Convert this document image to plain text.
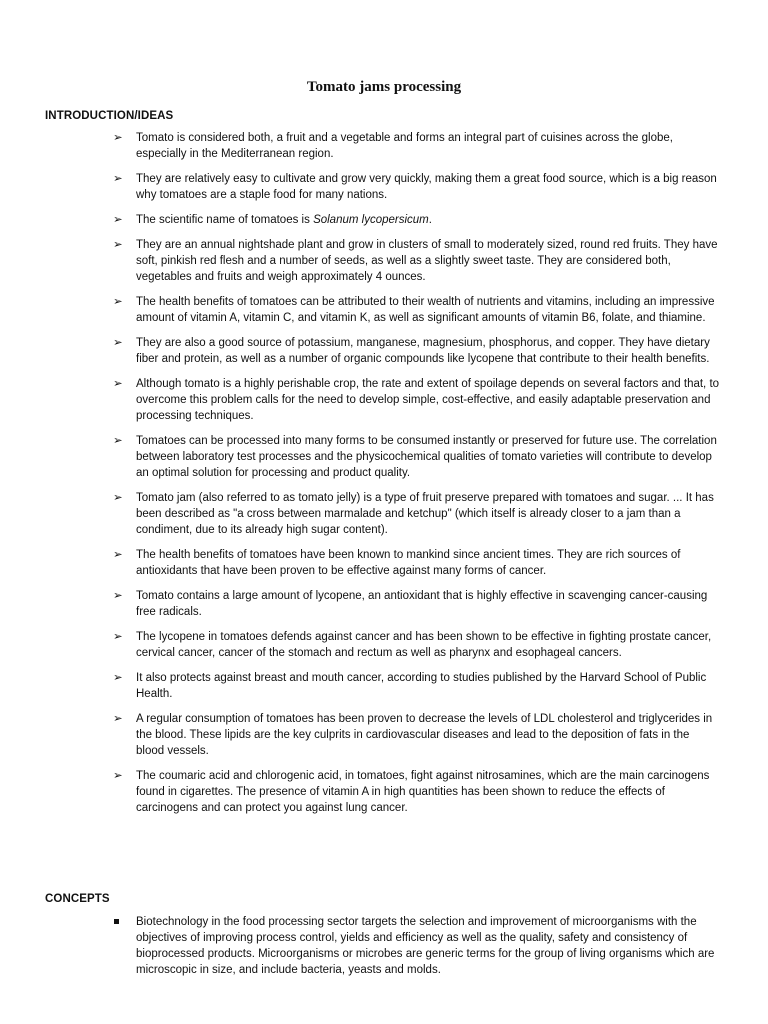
Tomato jams processing
INTRODUCTION/IDEAS
➢	Tomato is considered both, a fruit and a vegetable and forms an integral part of cuisines across the globe, especially in the Mediterranean region.
➢	They are relatively easy to cultivate and grow very quickly, making them a great food source, which is a big reason why tomatoes are a staple food for many nations.
➢	The scientific name of tomatoes is Solanum lycopersicum.
➢	They are an annual nightshade plant and grow in clusters of small to moderately sized, round red fruits. They have soft, pinkish red flesh and a number of seeds, as well as a slightly sweet taste. They are considered both, vegetables and fruits and weigh approximately 4 ounces.
➢	The health benefits of tomatoes can be attributed to their wealth of nutrients and vitamins, including an impressive amount of vitamin A, vitamin C, and vitamin K, as well as significant amounts of vitamin B6, folate, and thiamine.
➢	They are also a good source of potassium, manganese, magnesium, phosphorus, and copper. They have dietary fiber and protein, as well as a number of organic compounds like lycopene that contribute to their health benefits.
➢	Although tomato is a highly perishable crop, the rate and extent of spoilage depends on several factors and that, to overcome this problem calls for the need to develop simple, cost-effective, and easily adaptable preservation and processing techniques.
➢	Tomatoes can be processed into many forms to be consumed instantly or preserved for future use. The correlation between laboratory test processes and the physicochemical qualities of tomato varieties will contribute to develop an optimal solution for processing and product quality.
➢	Tomato jam (also referred to as tomato jelly) is a type of fruit preserve prepared with tomatoes and sugar. ... It has been described as "a cross between marmalade and ketchup" (which itself is already closer to a jam than a condiment, due to its already high sugar content).
➢	The health benefits of tomatoes have been known to mankind since ancient times. They are rich sources of antioxidants that have been proven to be effective against many forms of cancer.
➢	Tomato contains a large amount of lycopene, an antioxidant that is highly effective in scavenging cancer-causing free radicals.
➢	The lycopene in tomatoes defends against cancer and has been shown to be effective in fighting prostate cancer, cervical cancer, cancer of the stomach and rectum as well as pharynx and esophageal cancers.
➢	It also protects against breast and mouth cancer, according to studies published by the Harvard School of Public Health.
➢	A regular consumption of tomatoes has been proven to decrease the levels of LDL cholesterol and triglycerides in the blood. These lipids are the key culprits in cardiovascular diseases and lead to the deposition of fats in the blood vessels.
➢	The coumaric acid and chlorogenic acid, in tomatoes, fight against nitrosamines, which are the main carcinogens found in cigarettes. The presence of vitamin A in high quantities has been shown to reduce the effects of carcinogens and can protect you against lung cancer.
CONCEPTS
Biotechnology in the food processing sector targets the selection and improvement of microorganisms with the objectives of improving process control, yields and efficiency as well as the quality, safety and consistency of bioprocessed products. Microorganisms or microbes are generic terms for the group of living organisms which are microscopic in size, and include bacteria, yeasts and molds.
